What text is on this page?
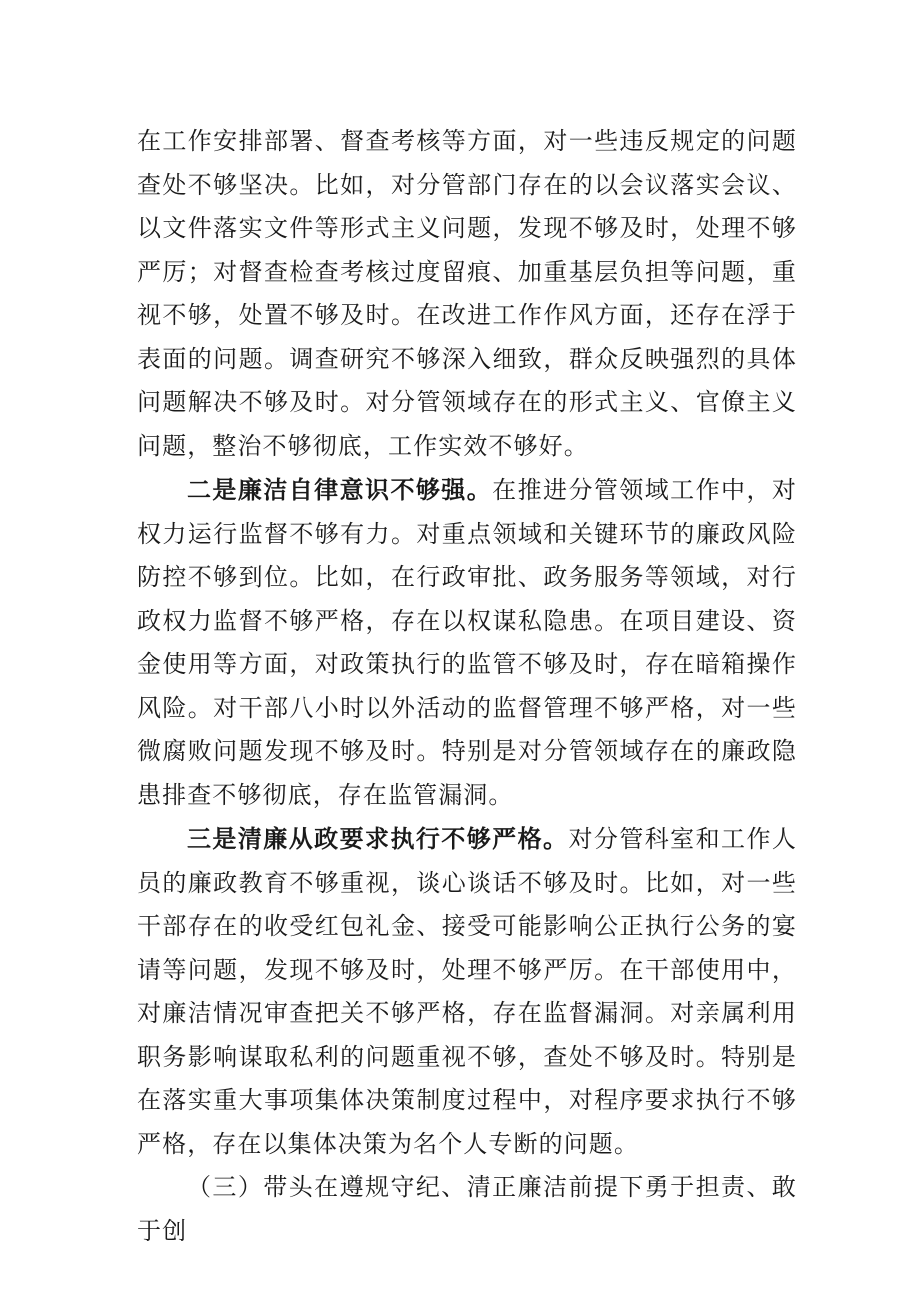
在工作安排部署、督查考核等方面，对一些违反规定的问题查处不够坚决。比如，对分管部门存在的以会议落实会议、以文件落实文件等形式主义问题，发现不够及时，处理不够严厉；对督查检查考核过度留痕、加重基层负担等问题，重视不够，处置不够及时。在改进工作作风方面，还存在浮于表面的问题。调查研究不够深入细致，群众反映强烈的具体问题解决不够及时。对分管领域存在的形式主义、官僚主义问题，整治不够彻底，工作实效不够好。

二是廉洁自律意识不够强。在推进分管领域工作中，对权力运行监督不够有力。对重点领域和关键环节的廉政风险防控不够到位。比如，在行政审批、政务服务等领域，对行政权力监督不够严格，存在以权谋私隐患。在项目建设、资金使用等方面，对政策执行的监管不够及时，存在暗箱操作风险。对干部八小时以外活动的监督管理不够严格，对一些微腐败问题发现不够及时。特别是对分管领域存在的廉政隐患排查不够彻底，存在监管漏洞。

三是清廉从政要求执行不够严格。对分管科室和工作人员的廉政教育不够重视，谈心谈话不够及时。比如，对一些干部存在的收受红包礼金、接受可能影响公正执行公务的宴请等问题，发现不够及时，处理不够严厉。在干部使用中，对廉洁情况审查把关不够严格，存在监督漏洞。对亲属利用职务影响谋取私利的问题重视不够，查处不够及时。特别是在落实重大事项集体决策制度过程中，对程序要求执行不够严格，存在以集体决策为名个人专断的问题。

（三）带头在遵规守纪、清正廉洁前提下勇于担责、敢于创
